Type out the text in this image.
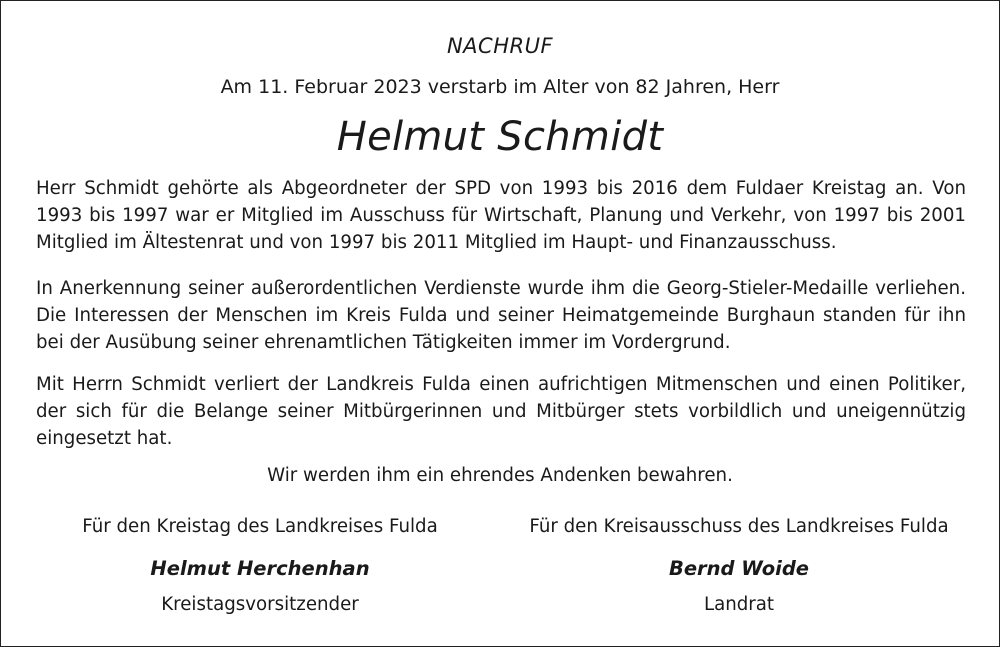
NACHRUF
Am 11. Februar 2023 verstarb im Alter von 82 Jahren, Herr
Helmut Schmidt
Herr Schmidt gehörte als Abgeordneter der SPD von 1993 bis 2016 dem Fuldaer Kreistag an. Von 1993 bis 1997 war er Mitglied im Ausschuss für Wirtschaft, Planung und Verkehr, von 1997 bis 2001 Mitglied im Ältestenrat und von 1997 bis 2011 Mitglied im Haupt- und Finanzausschuss.
In Anerkennung seiner außerordentlichen Verdienste wurde ihm die Georg-Stieler-Medaille verliehen. Die Interessen der Menschen im Kreis Fulda und seiner Heimatgemeinde Burghaun standen für ihn bei der Ausübung seiner ehrenamtlichen Tätigkeiten immer im Vordergrund.
Mit Herrn Schmidt verliert der Landkreis Fulda einen aufrichtigen Mitmenschen und einen Politiker, der sich für die Belange seiner Mitbürgerinnen und Mitbürger stets vorbildlich und uneigennützig eingesetzt hat.
Wir werden ihm ein ehrendes Andenken bewahren.
Für den Kreistag des Landkreises Fulda
Helmut Herchenhan
Kreistagsvorsitzender
Für den Kreisausschuss des Landkreises Fulda
Bernd Woide
Landrat
